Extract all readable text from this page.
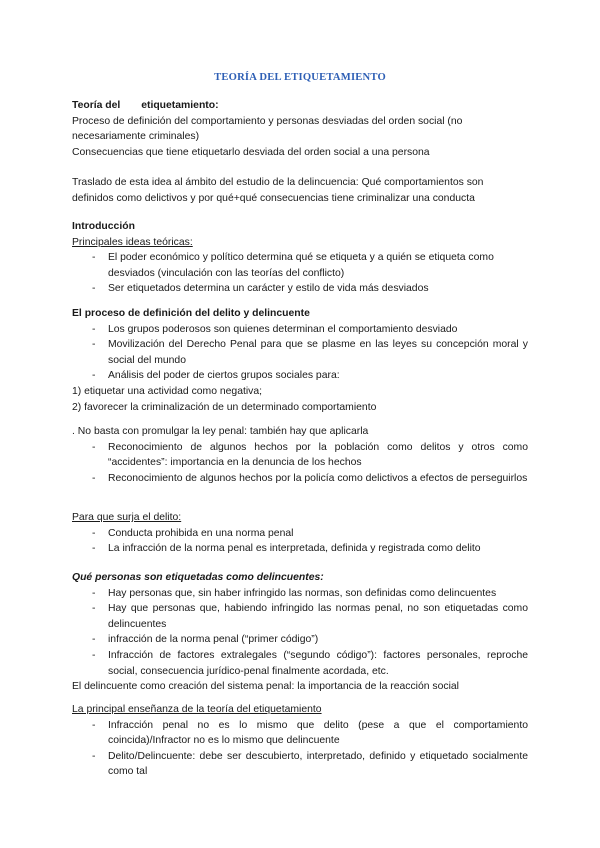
TEORÍA DEL ETIQUETAMIENTO
Teoría del etiquetamiento:
Proceso de definición del comportamiento y personas desviadas del orden social (no necesariamente criminales)
Consecuencias que tiene etiquetarlo desviada del orden social a una persona
Traslado de esta idea al ámbito del estudio de la delincuencia: Qué comportamientos son definidos como delictivos y por qué+qué consecuencias tiene criminalizar una conducta
Introducción
Principales ideas teóricas:
- El poder económico y político determina qué se etiqueta y a quién se etiqueta como desviados (vinculación con las teorías del conflicto)
- Ser etiquetados determina un carácter y estilo de vida más desviados
El proceso de definición del delito y delincuente
- Los grupos poderosos son quienes determinan el comportamiento desviado
- Movilización del Derecho Penal para que se plasme en las leyes su concepción moral y social del mundo
- Análisis del poder de ciertos grupos sociales para:
1) etiquetar una actividad como negativa;
2) favorecer la criminalización de un determinado comportamiento
. No basta con promulgar la ley penal: también hay que aplicarla
- Reconocimiento de algunos hechos por la población como delitos y otros como “accidentes”: importancia en la denuncia de los hechos
- Reconocimiento de algunos hechos por la policía como delictivos a efectos de perseguirlos
Para que surja el delito:
- Conducta prohibida en una norma penal
- La infracción de la norma penal es interpretada, definida y registrada como delito
Qué personas son etiquetadas como delincuentes:
- Hay personas que, sin haber infringido las normas, son definidas como delincuentes
- Hay que personas que, habiendo infringido las normas penal, no son etiquetadas como delincuentes
- infracción de la norma penal (“primer código”)
- Infracción de factores extralegales (“segundo código”): factores personales, reproche social, consecuencia jurídico-penal finalmente acordada, etc.
El delincuente como creación del sistema penal: la importancia de la reacción social
La principal enseñanza de la teoría del etiquetamiento
- Infracción penal no es lo mismo que delito (pese a que el comportamiento coincida)/Infractor no es lo mismo que delincuente
- Delito/Delincuente: debe ser descubierto, interpretado, definido y etiquetado socialmente como tal
